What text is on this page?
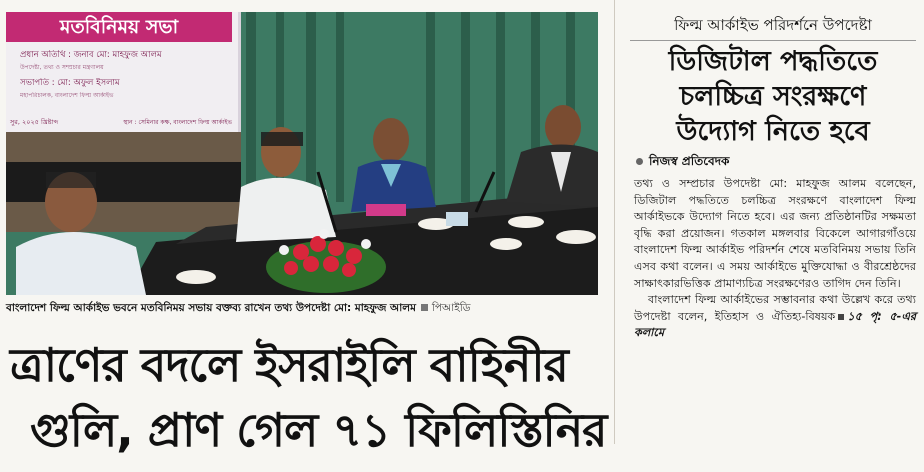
মতবিনিময় সভা
প্রধান অতিথি : জনাব মো: মাহফুজ আলম
উপদেষ্টা, তথ্য ও সম্প্রচার মন্ত্রণালয়
সভাপতি : মো: অফুল ইসলাম
মহাপরিচালক, বাংলাদেশ ফিল্ম আর্কাইভ
সুর, ২০২৫ খ্রিষ্টাব্দ	স্থান : সেমিনার কক্ষ, বাংলাদেশ ফিল্ম আর্কাইভ
বাংলাদেশ ফিল্ম আর্কাইভ ভবনে মতবিনিময় সভায় বক্তব্য রাখেন তথ্য উপদেষ্টা মো: মাহফুজ আলম পিআইডি
ত্রাণের বদলে ইসরাইলি বাহিনীর
গুলি, প্রাণ গেল ৭১ ফিলিস্তিনির
ফিল্ম আর্কাইভ পরিদর্শনে উপদেষ্টা
ডিজিটাল পদ্ধতিতে
চলচ্চিত্র সংরক্ষণে
উদ্যোগ নিতে হবে
নিজস্ব প্রতিবেদক

তথ্য ও সম্প্রচার উপদেষ্টা মো: মাহফুজ আলম বলেছেন, ডিজিটাল পদ্ধতিতে চলচ্চিত্র সংরক্ষণে বাংলাদেশ ফিল্ম আর্কাইভকে উদ্যোগ নিতে হবে। এর জন্য প্রতিষ্ঠানটির সক্ষমতা বৃদ্ধি করা প্রয়োজন। গতকাল মঙ্গলবার বিকেলে আগারগাঁওয়ে বাংলাদেশ ফিল্ম আর্কাইভ পরিদর্শন শেষে মতবিনিময় সভায় তিনি এসব কথা বলেন। এ সময় আর্কাইভে মুক্তিযোদ্ধা ও বীরশ্রেষ্ঠদের সাক্ষাৎকারভিত্তিক প্রামাণ্যচিত্র সংরক্ষণেরও তাগিদ দেন তিনি।

বাংলাদেশ ফিল্ম আর্কাইভের সম্ভাবনার কথা উল্লেখ করে তথ্য উপদেষ্টা বলেন, ইতিহাস ও ঐতিহ্য-বিষয়ক ১৫ পৃ: ৫-এর কলামে
